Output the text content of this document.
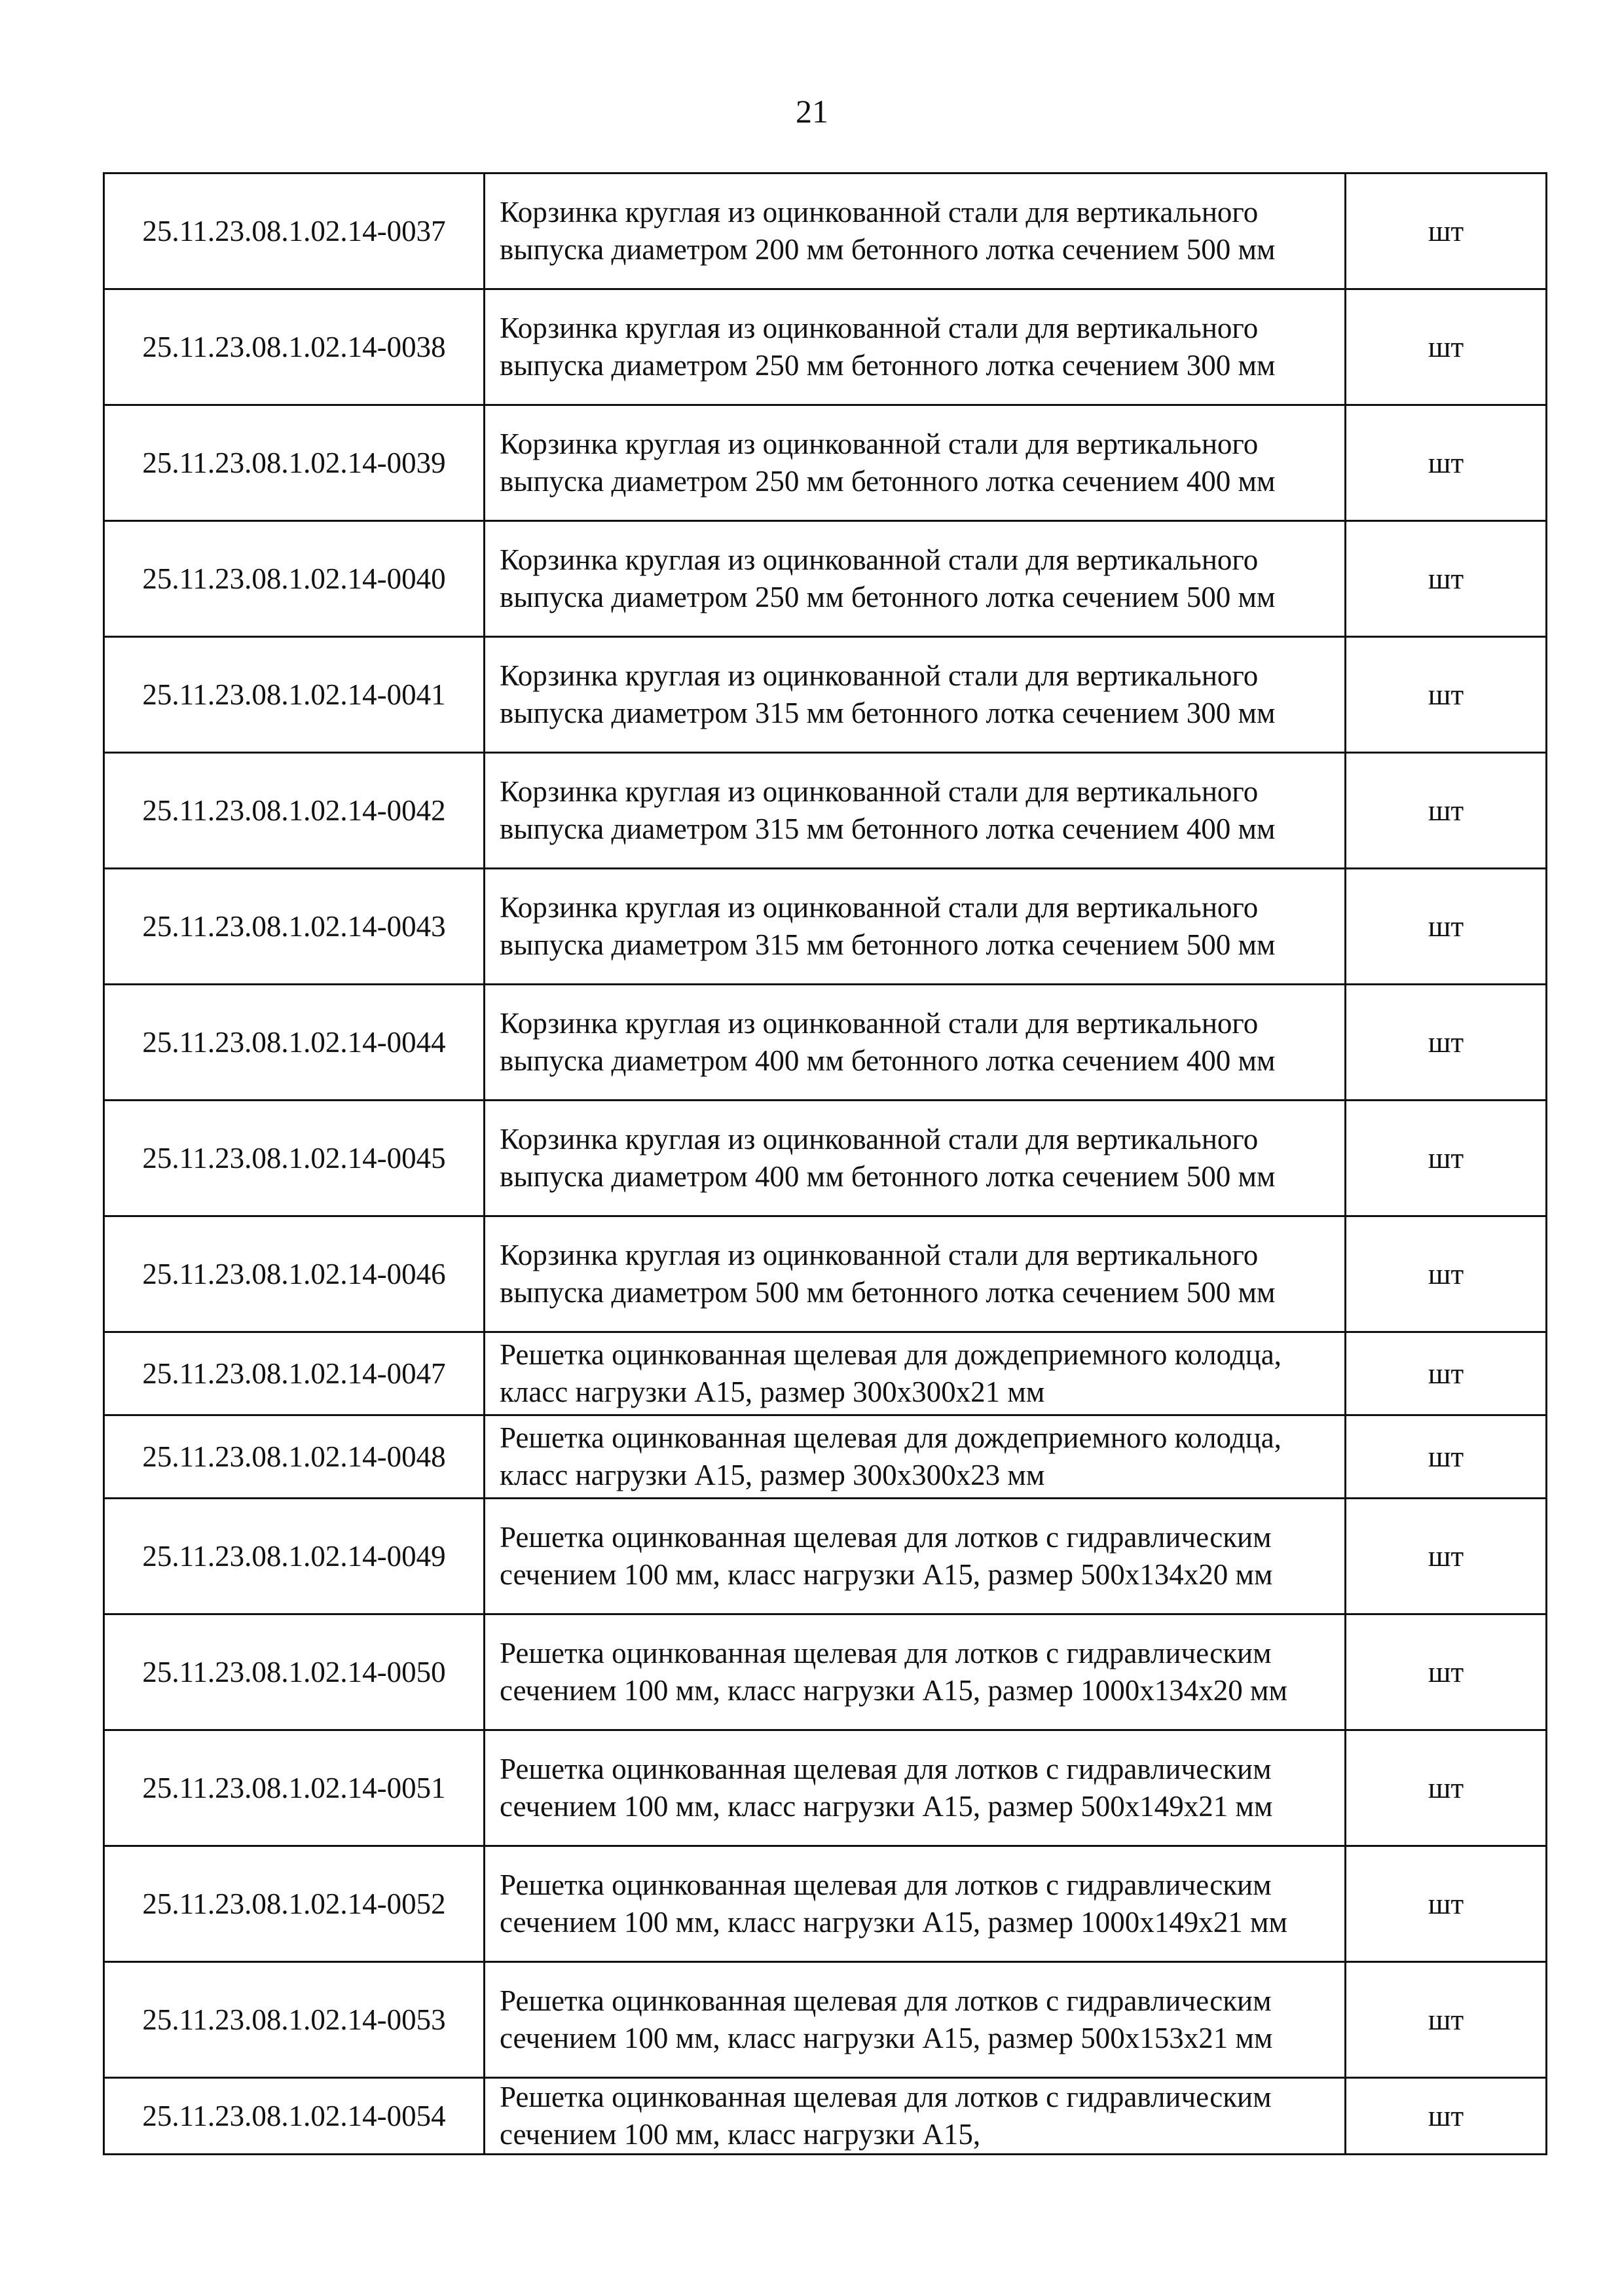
21
25.11.23.08.1.02.14-0037	Корзинка круглая из оцинкованной стали для вертикального выпуска диаметром 200 мм бетонного лотка сечением 500 мм	шт
25.11.23.08.1.02.14-0038	Корзинка круглая из оцинкованной стали для вертикального выпуска диаметром 250 мм бетонного лотка сечением 300 мм	шт
25.11.23.08.1.02.14-0039	Корзинка круглая из оцинкованной стали для вертикального выпуска диаметром 250 мм бетонного лотка сечением 400 мм	шт
25.11.23.08.1.02.14-0040	Корзинка круглая из оцинкованной стали для вертикального выпуска диаметром 250 мм бетонного лотка сечением 500 мм	шт
25.11.23.08.1.02.14-0041	Корзинка круглая из оцинкованной стали для вертикального выпуска диаметром 315 мм бетонного лотка сечением 300 мм	шт
25.11.23.08.1.02.14-0042	Корзинка круглая из оцинкованной стали для вертикального выпуска диаметром 315 мм бетонного лотка сечением 400 мм	шт
25.11.23.08.1.02.14-0043	Корзинка круглая из оцинкованной стали для вертикального выпуска диаметром 315 мм бетонного лотка сечением 500 мм	шт
25.11.23.08.1.02.14-0044	Корзинка круглая из оцинкованной стали для вертикального выпуска диаметром 400 мм бетонного лотка сечением 400 мм	шт
25.11.23.08.1.02.14-0045	Корзинка круглая из оцинкованной стали для вертикального выпуска диаметром 400 мм бетонного лотка сечением 500 мм	шт
25.11.23.08.1.02.14-0046	Корзинка круглая из оцинкованной стали для вертикального выпуска диаметром 500 мм бетонного лотка сечением 500 мм	шт
25.11.23.08.1.02.14-0047	Решетка оцинкованная щелевая для дождеприемного колодца, класс нагрузки А15, размер 300х300х21 мм	шт
25.11.23.08.1.02.14-0048	Решетка оцинкованная щелевая для дождеприемного колодца, класс нагрузки А15, размер 300х300х23 мм	шт
25.11.23.08.1.02.14-0049	Решетка оцинкованная щелевая для лотков с гидравлическим сечением 100 мм, класс нагрузки А15, размер 500х134х20 мм	шт
25.11.23.08.1.02.14-0050	Решетка оцинкованная щелевая для лотков с гидравлическим сечением 100 мм, класс нагрузки А15, размер 1000х134х20 мм	шт
25.11.23.08.1.02.14-0051	Решетка оцинкованная щелевая для лотков с гидравлическим сечением 100 мм, класс нагрузки А15, размер 500х149х21 мм	шт
25.11.23.08.1.02.14-0052	Решетка оцинкованная щелевая для лотков с гидравлическим сечением 100 мм, класс нагрузки А15, размер 1000х149х21 мм	шт
25.11.23.08.1.02.14-0053	Решетка оцинкованная щелевая для лотков с гидравлическим сечением 100 мм, класс нагрузки А15, размер 500х153х21 мм	шт
25.11.23.08.1.02.14-0054	Решетка оцинкованная щелевая для лотков с гидравлическим сечением 100 мм, класс нагрузки А15,	шт
